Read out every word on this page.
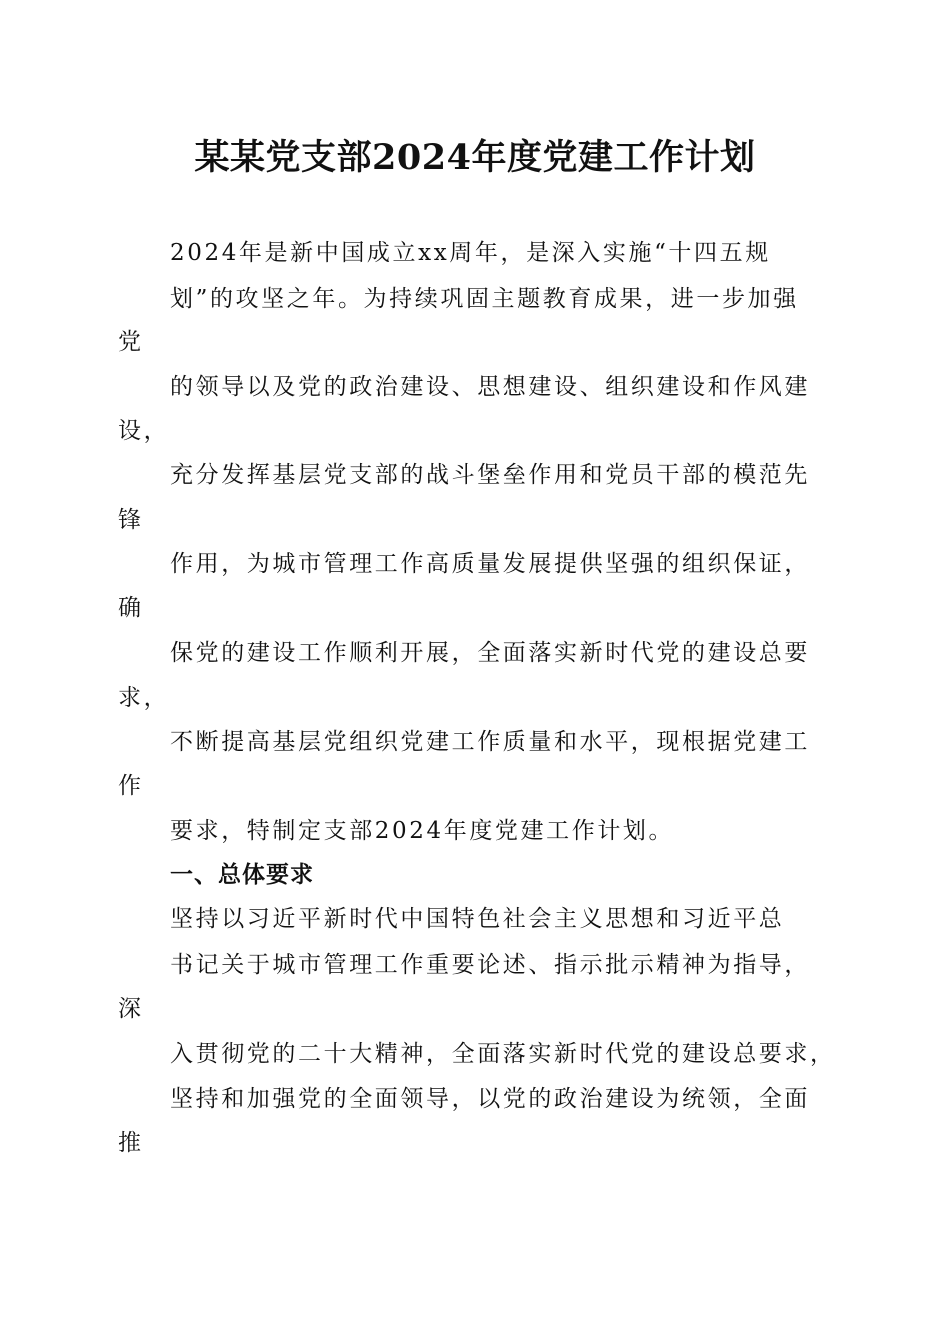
某某党支部2024年度党建工作计划
2024年是新中国成立xx周年，是深入实施“十四五规
划”的攻坚之年。为持续巩固主题教育成果，进一步加强
党
的领导以及党的政治建设、思想建设、组织建设和作风建
设，
充分发挥基层党支部的战斗堡垒作用和党员干部的模范先
锋
作用，为城市管理工作高质量发展提供坚强的组织保证，
确
保党的建设工作顺利开展，全面落实新时代党的建设总要
求，
不断提高基层党组织党建工作质量和水平，现根据党建工
作
要求，特制定支部2024年度党建工作计划。
一、总体要求
坚持以习近平新时代中国特色社会主义思想和习近平总
书记关于城市管理工作重要论述、指示批示精神为指导，
深
入贯彻党的二十大精神，全面落实新时代党的建设总要求，
坚持和加强党的全面领导，以党的政治建设为统领，全面
推
